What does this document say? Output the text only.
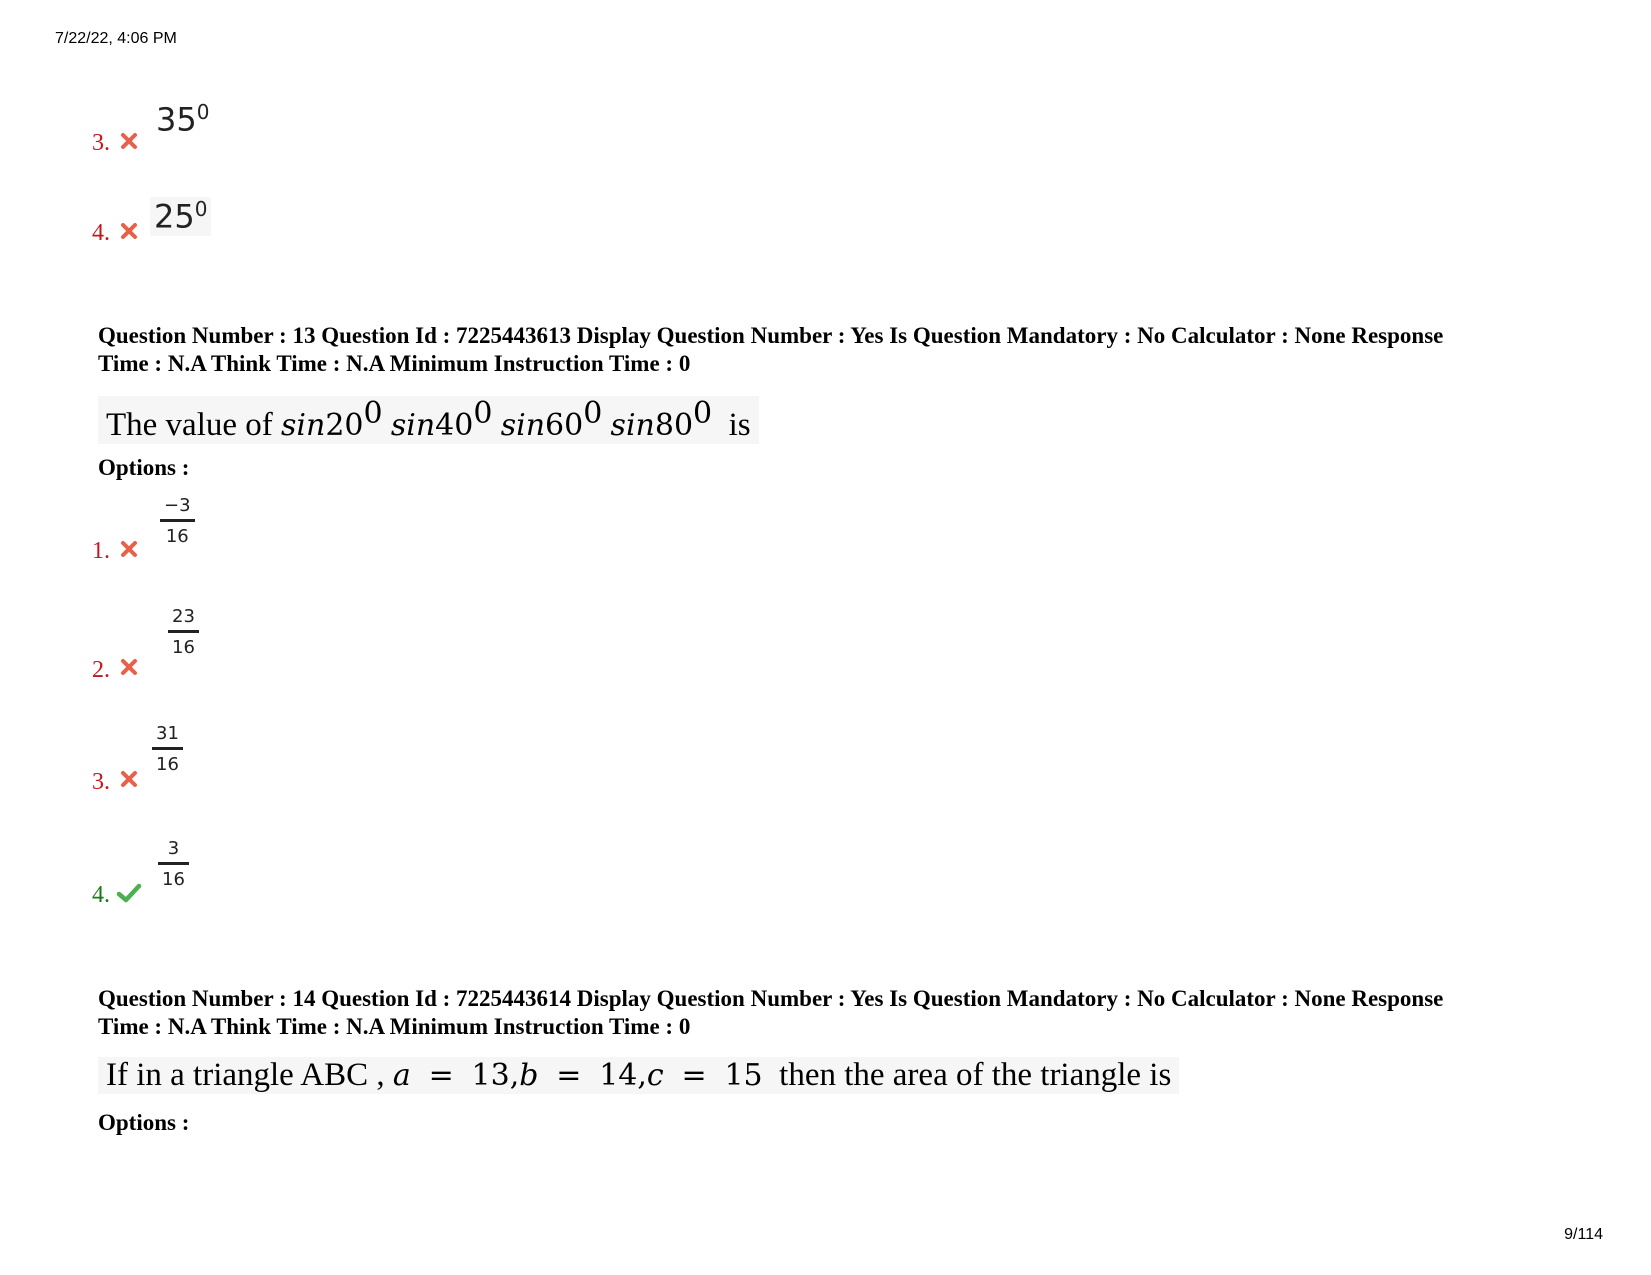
7/22/22, 4:06 PM
3.
$35^0$
4. $25^0$
Question Number : 13 Question Id : 7225443613 Display Question Number : Yes Is Question Mandatory : No Calculator : None Response
Time : N.A Think Time : N.A Minimum Instruction Time : 0
The value of $\sin 20^0$ $\sin 40^0$ $\sin 60^0$ $\sin 80^0$ is
Options :
1.
−3
16
2.
23
16
3.
31
16
4.
3
16
Question Number : 14 Question Id : 7225443614 Display Question Number : Yes Is Question Mandatory : No Calculator : None Response
Time : N.A Think Time : N.A Minimum Instruction Time : 0
If in a triangle ABC , a = 13,b = 14,c = 15 then the area of the triangle is
Options :
9/114
